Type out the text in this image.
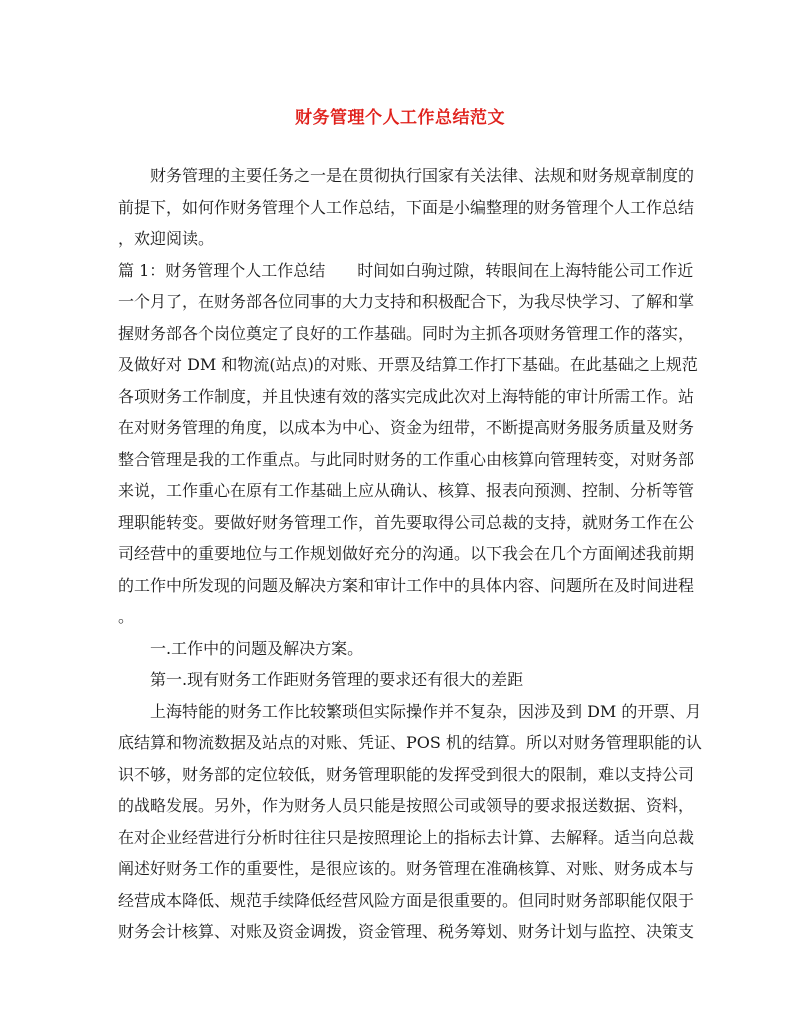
财务管理个人工作总结范文
财务管理的主要任务之一是在贯彻执行国家有关法律、法规和财务规章制度的
前提下，如何作财务管理个人工作总结，下面是小编整理的财务管理个人工作总结
，欢迎阅读。
篇 1：财务管理个人工作总结　　时间如白驹过隙，转眼间在上海特能公司工作近
一个月了，在财务部各位同事的大力支持和积极配合下，为我尽快学习、了解和掌
握财务部各个岗位奠定了良好的工作基础。同时为主抓各项财务管理工作的落实，
及做好对 DM 和物流(站点)的对账、开票及结算工作打下基础。在此基础之上规范
各项财务工作制度，并且快速有效的落实完成此次对上海特能的审计所需工作。站
在对财务管理的角度，以成本为中心、资金为纽带，不断提高财务服务质量及财务
整合管理是我的工作重点。与此同时财务的工作重心由核算向管理转变，对财务部
来说，工作重心在原有工作基础上应从确认、核算、报表向预测、控制、分析等管
理职能转变。要做好财务管理工作，首先要取得公司总裁的支持，就财务工作在公
司经营中的重要地位与工作规划做好充分的沟通。以下我会在几个方面阐述我前期
的工作中所发现的问题及解决方案和审计工作中的具体内容、问题所在及时间进程
。
一.工作中的问题及解决方案。
第一.现有财务工作距财务管理的要求还有很大的差距
上海特能的财务工作比较繁琐但实际操作并不复杂，因涉及到 DM 的开票、月
底结算和物流数据及站点的对账、凭证、POS 机的结算。所以对财务管理职能的认
识不够，财务部的定位较低，财务管理职能的发挥受到很大的限制，难以支持公司
的战略发展。另外，作为财务人员只能是按照公司或领导的要求报送数据、资料，
在对企业经营进行分析时往往只是按照理论上的指标去计算、去解释。适当向总裁
阐述好财务工作的重要性，是很应该的。财务管理在准确核算、对账、财务成本与
经营成本降低、规范手续降低经营风险方面是很重要的。但同时财务部职能仅限于
财务会计核算、对账及资金调拨，资金管理、税务筹划、财务计划与监控、决策支
